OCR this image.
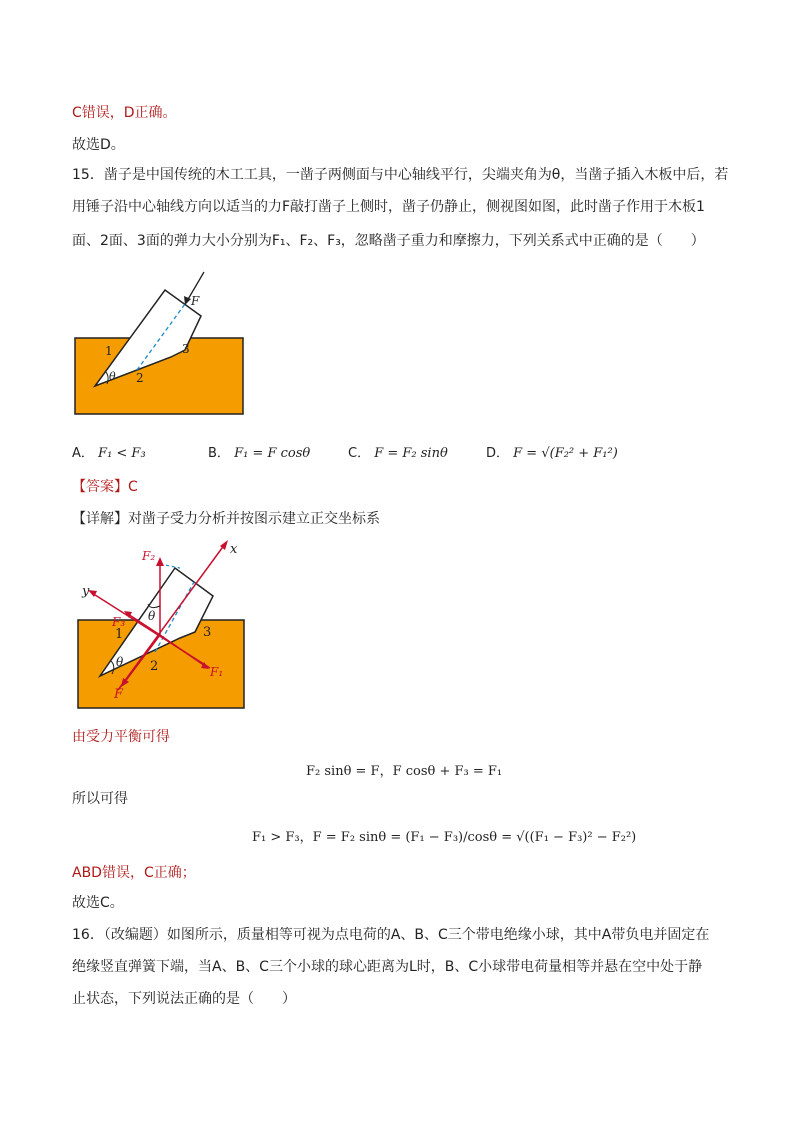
C错误，D正确。
故选D。
15．凿子是中国传统的木工工具，一凿子两侧面与中心轴线平行，尖端夹角为θ，当凿子插入木板中后，若
用锤子沿中心轴线方向以适当的力F敲打凿子上侧时，凿子仍静止，侧视图如图，此时凿子作用于木板1
面、2面、3面的弹力大小分别为F₁、F₂、F₃，忽略凿子重力和摩擦力，下列关系式中正确的是（　　）
F
1
2
3
θ
A． F₁ < F₃	B． F₁ = F cosθ	C． F = F₂ sinθ	D． F = √(F₂² + F₁²)
【答案】C
【详解】对凿子受力分析并按图示建立正交坐标系
x
y
F₂
F₃
F₁
F
1
2
3
θ
θ
由受力平衡可得
F₂ sinθ = F，F cosθ + F₃ = F₁
所以可得
F₁ > F₃，F = F₂ sinθ = (F₁ − F₃)/cosθ = √((F₁ − F₃)² − F₂²)
ABD错误，C正确；
故选C。
16．（改编题）如图所示，质量相等可视为点电荷的A、B、C三个带电绝缘小球，其中A带负电并固定在
绝缘竖直弹簧下端，当A、B、C三个小球的球心距离为L时，B、C小球带电荷量相等并悬在空中处于静
止状态，下列说法正确的是（　　）
